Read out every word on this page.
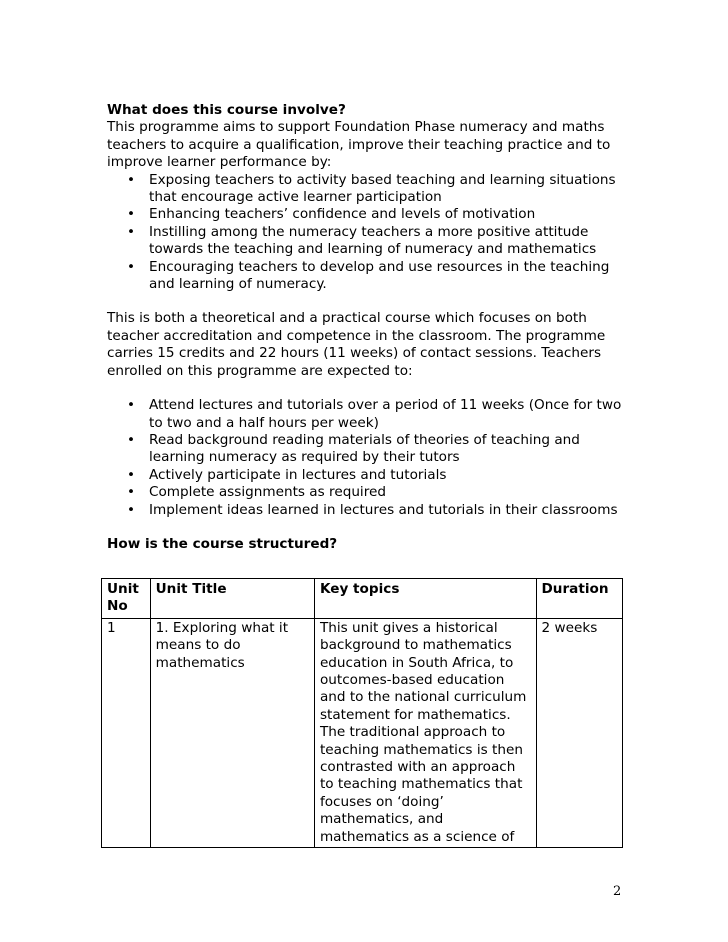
What does this course involve?

This programme aims to support Foundation Phase numeracy and maths teachers to acquire a qualification, improve their teaching practice and to improve learner performance by:

• Exposing teachers to activity based teaching and learning situations that encourage active learner participation
• Enhancing teachers’ confidence and levels of motivation
• Instilling among the numeracy teachers a more positive attitude towards the teaching and learning of numeracy and mathematics
• Encouraging teachers to develop and use resources in the teaching and learning of numeracy.

This is both a theoretical and a practical course which focuses on both teacher accreditation and competence in the classroom. The programme carries 15 credits and 22 hours (11 weeks) of contact sessions. Teachers enrolled on this programme are expected to:

• Attend lectures and tutorials over a period of 11 weeks (Once for two to two and a half hours per week)
• Read background reading materials of theories of teaching and learning numeracy as required by their tutors
• Actively participate in lectures and tutorials
• Complete assignments as required
• Implement ideas learned in lectures and tutorials in their classrooms

How is the course structured?

Unit No	Unit Title	Key topics	Duration
1	1. Exploring what it means to do mathematics	This unit gives a historical background to mathematics education in South Africa, to outcomes-based education and to the national curriculum statement for mathematics. The traditional approach to teaching mathematics is then contrasted with an approach to teaching mathematics that focuses on ‘doing’ mathematics, and mathematics as a science of	2 weeks
2
